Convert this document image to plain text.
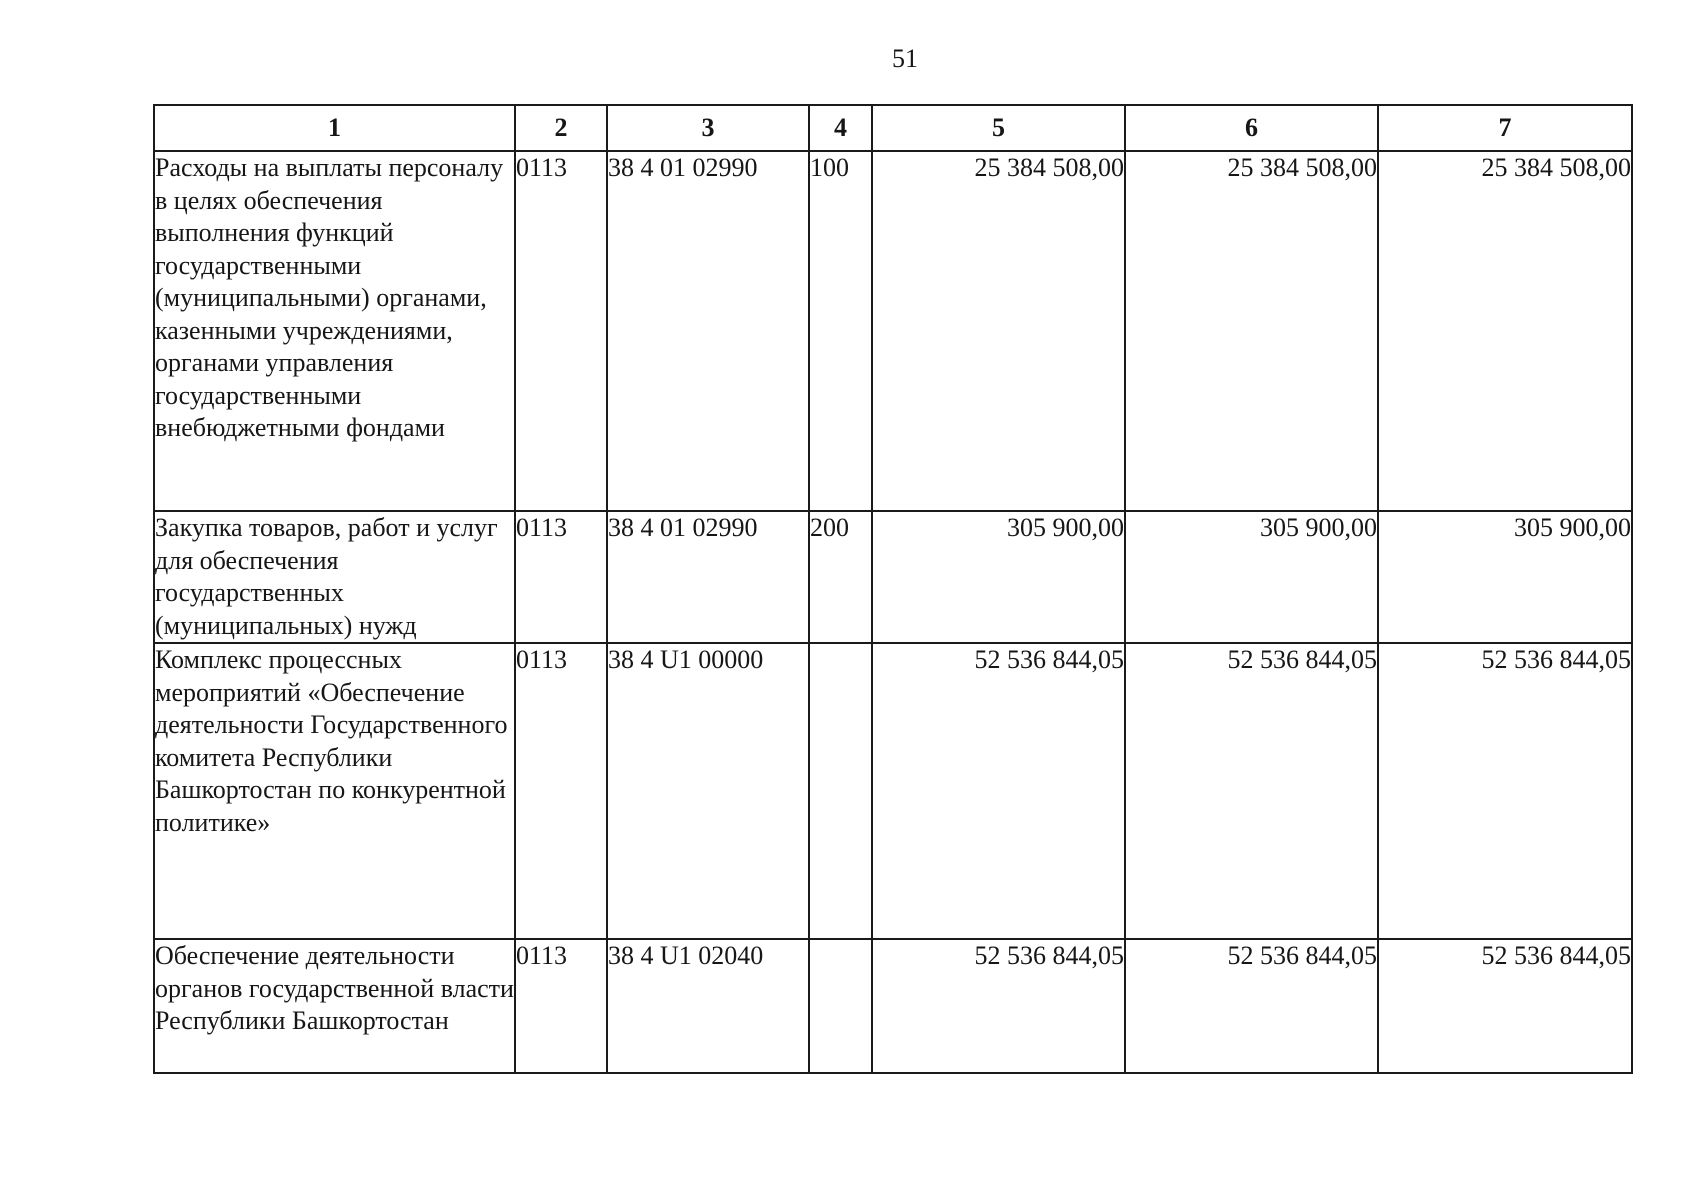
51
1	2	3	4	5	6	7
Расходы на выплаты персоналу в целях обеспечения выполнения функций государственными (муниципальными) органами, казенными учреждениями, органами управления государственными внебюджетными фондами	0113	38 4 01 02990	100	25 384 508,00	25 384 508,00	25 384 508,00
Закупка товаров, работ и услуг для обеспечения государственных (муниципальных) нужд	0113	38 4 01 02990	200	305 900,00	305 900,00	305 900,00
Комплекс процессных мероприятий «Обеспечение деятельности Государственного комитета Республики Башкортостан по конкурентной политике»	0113	38 4 U1 00000		52 536 844,05	52 536 844,05	52 536 844,05
Обеспечение деятельности органов государственной власти Республики Башкортостан	0113	38 4 U1 02040		52 536 844,05	52 536 844,05	52 536 844,05
